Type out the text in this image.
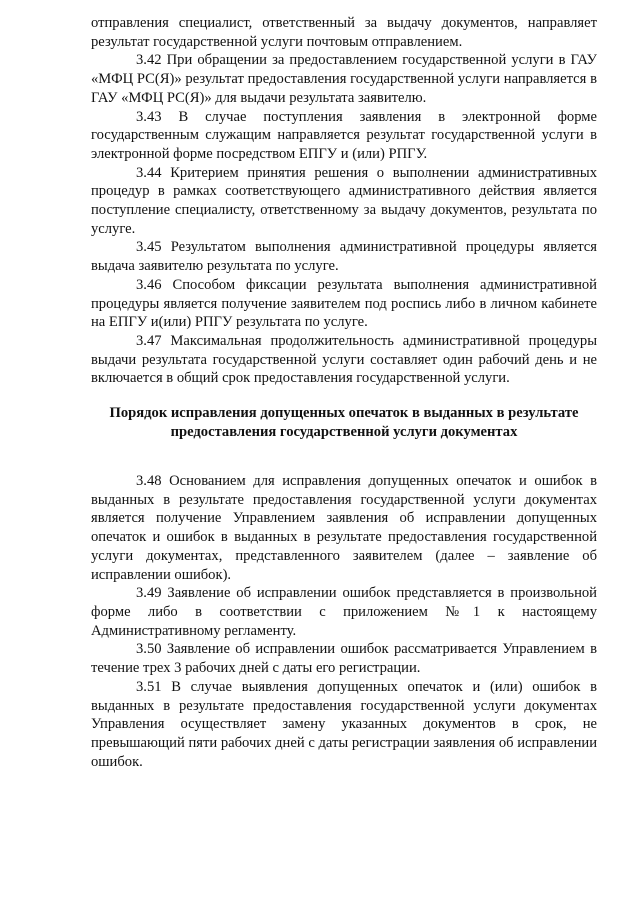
отправления специалист, ответственный за выдачу документов, направляет результат государственной услуги почтовым отправлением.

3.42 При обращении за предоставлением государственной услуги в ГАУ «МФЦ РС(Я)» результат предоставления государственной услуги направляется в ГАУ «МФЦ РС(Я)» для выдачи результата заявителю.

3.43 В случае поступления заявления в электронной форме государственным служащим направляется результат государственной услуги в электронной форме посредством ЕПГУ и (или) РПГУ.

3.44 Критерием принятия решения о выполнении административных процедур в рамках соответствующего административного действия является поступление специалисту, ответственному за выдачу документов, результата по услуге.

3.45 Результатом выполнения административной процедуры является выдача заявителю результата по услуге.

3.46 Способом фиксации результата выполнения административной процедуры является получение заявителем под роспись либо в личном кабинете на ЕПГУ и(или) РПГУ результата по услуге.

3.47 Максимальная продолжительность административной процедуры выдачи результата государственной услуги составляет один рабочий день и не включается в общий срок предоставления государственной услуги.

Порядок исправления допущенных опечаток в выданных в результате
предоставления государственной услуги документах

3.48 Основанием для исправления допущенных опечаток и ошибок в выданных в результате предоставления государственной услуги документах является получение Управлением заявления об исправлении допущенных опечаток и ошибок в выданных в результате предоставления государственной услуги документах, представленного заявителем (далее – заявление об исправлении ошибок).

3.49 Заявление об исправлении ошибок представляется в произвольной форме либо в соответствии с приложением №1 к настоящему Административному регламенту.

3.50 Заявление об исправлении ошибок рассматривается Управлением в течение трех 3 рабочих дней с даты его регистрации.

3.51 В случае выявления допущенных опечаток и (или) ошибок в выданных в результате предоставления государственной услуги документах Управления осуществляет замену указанных документов в срок, не превышающий пяти рабочих дней с даты регистрации заявления об исправлении ошибок.
